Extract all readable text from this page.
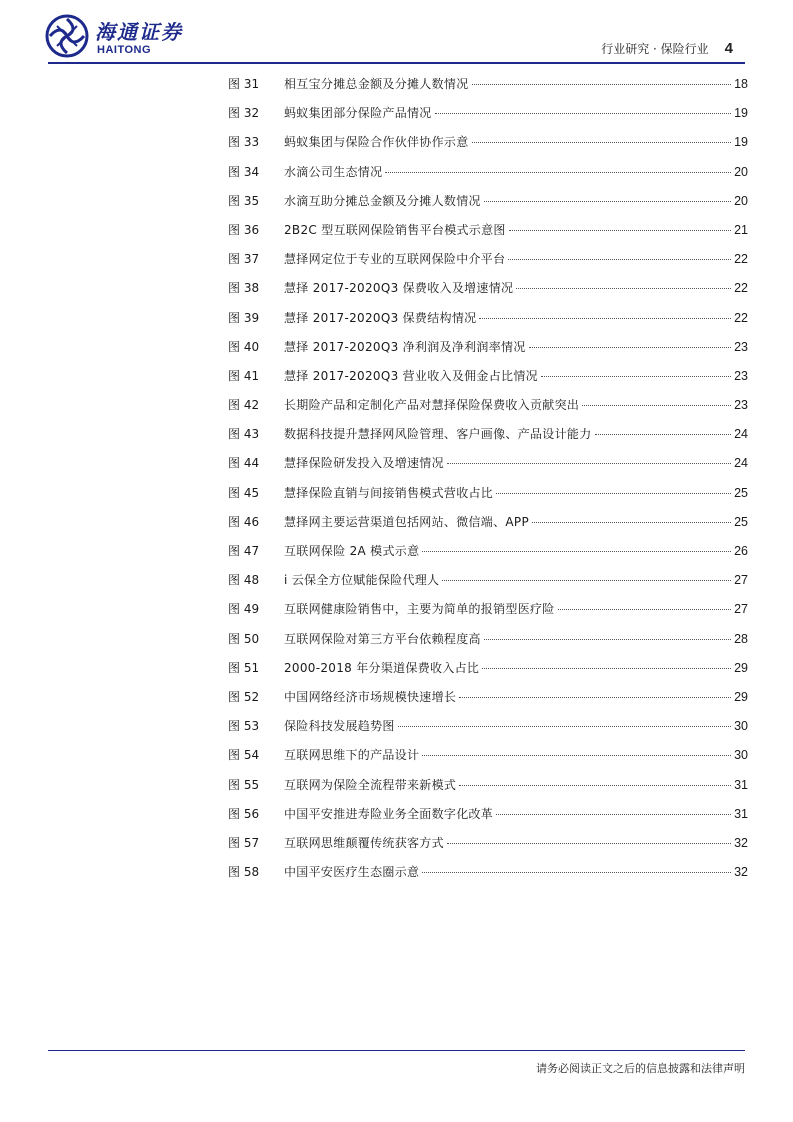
海通证券
HAITONG	行业研究 · 保险行业 4
图 31	相互宝分摊总金额及分摊人数情况	18
图 32	蚂蚁集团部分保险产品情况	19
图 33	蚂蚁集团与保险合作伙伴协作示意	19
图 34	水滴公司生态情况	20
图 35	水滴互助分摊总金额及分摊人数情况	20
图 36	2B2C 型互联网保险销售平台模式示意图	21
图 37	慧择网定位于专业的互联网保险中介平台	22
图 38	慧择 2017-2020Q3 保费收入及增速情况	22
图 39	慧择 2017-2020Q3 保费结构情况	22
图 40	慧择 2017-2020Q3 净利润及净利润率情况	23
图 41	慧择 2017-2020Q3 营业收入及佣金占比情况	23
图 42	长期险产品和定制化产品对慧择保险保费收入贡献突出	23
图 43	数据科技提升慧择网风险管理、客户画像、产品设计能力	24
图 44	慧择保险研发投入及增速情况	24
图 45	慧择保险直销与间接销售模式营收占比	25
图 46	慧择网主要运营渠道包括网站、微信端、APP	25
图 47	互联网保险 2A 模式示意	26
图 48	i 云保全方位赋能保险代理人	27
图 49	互联网健康险销售中，主要为简单的报销型医疗险	27
图 50	互联网保险对第三方平台依赖程度高	28
图 51	2000-2018 年分渠道保费收入占比	29
图 52	中国网络经济市场规模快速增长	29
图 53	保险科技发展趋势图	30
图 54	互联网思维下的产品设计	30
图 55	互联网为保险全流程带来新模式	31
图 56	中国平安推进寿险业务全面数字化改革	31
图 57	互联网思维颠覆传统获客方式	32
图 58	中国平安医疗生态圈示意	32
请务必阅读正文之后的信息披露和法律声明
